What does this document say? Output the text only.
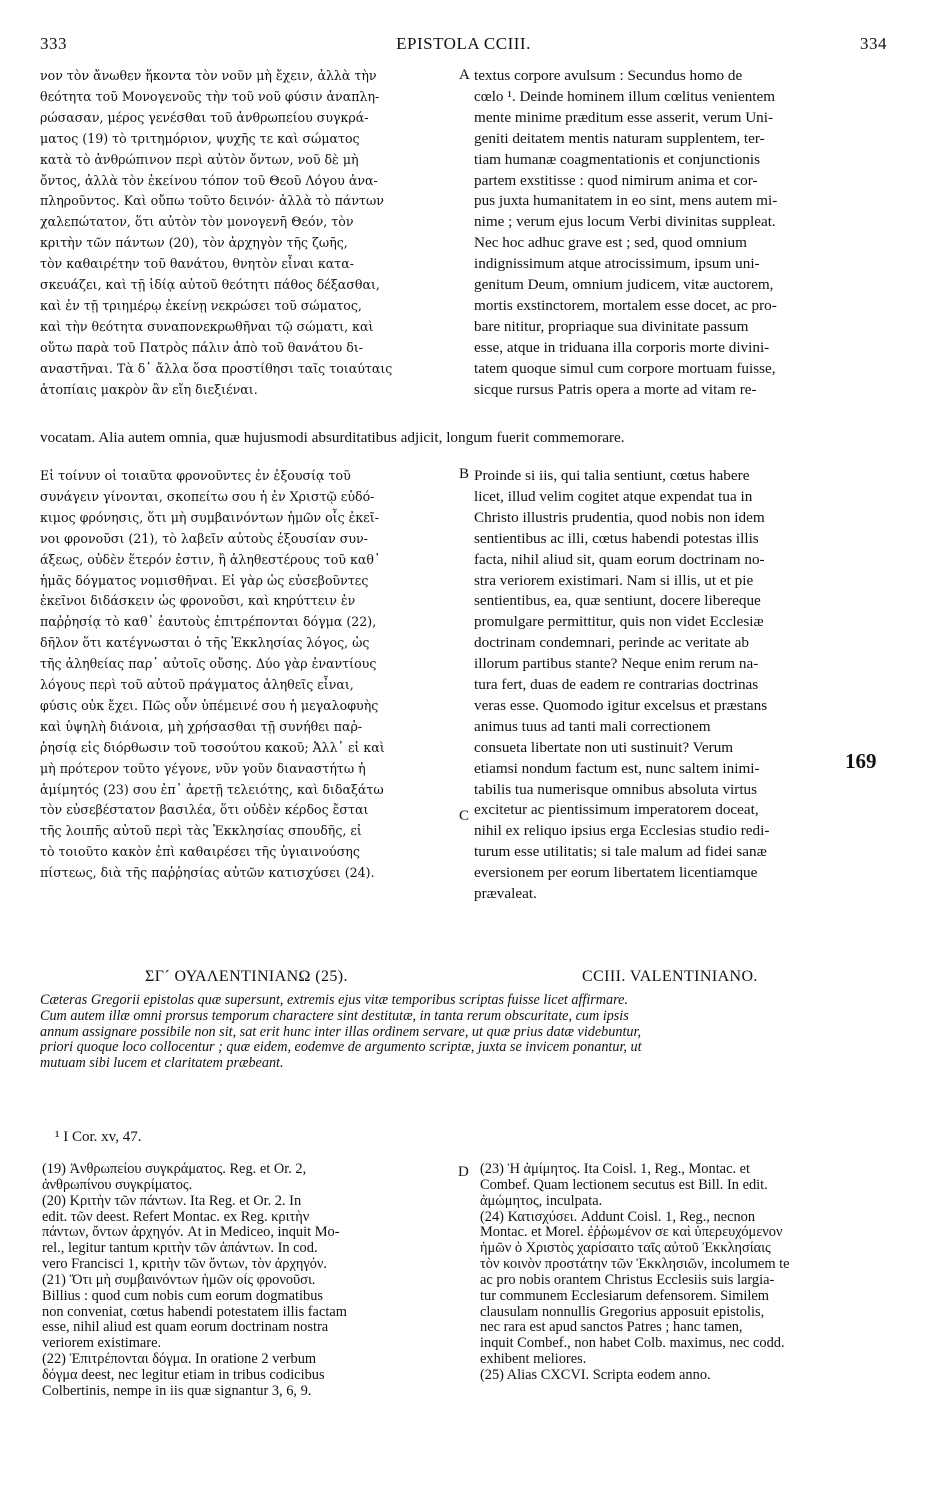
333	EPISTOLA CCIII.	334
νον τὸν ἄνωθεν ἥκοντα τὸν νοῦν μὴ ἔχειν, ἀλλὰ τὴν
θεότητα τοῦ Μονογενοῦς τὴν τοῦ νοῦ φύσιν ἀναπλη-
ρώσασαν, μέρος γενέσθαι τοῦ ἀνθρωπείου συγκρά-
ματος (19) τὸ τριτημόριον, ψυχῆς τε καὶ σώματος
κατὰ τὸ ἀνθρώπινον περὶ αὐτὸν ὄντων, νοῦ δὲ μὴ
ὄντος, ἀλλὰ τὸν ἐκείνου τόπον τοῦ Θεοῦ Λόγου ἀνα-
πληροῦντος. Καὶ οὔπω τοῦτο δεινόν· ἀλλὰ τὸ πάντων
χαλεπώτατον, ὅτι αὐτὸν τὸν μονογενῆ Θεόν, τὸν
κριτὴν τῶν πάντων (20), τὸν ἀρχηγὸν τῆς ζωῆς,
τὸν καθαιρέτην τοῦ θανάτου, θνητὸν εἶναι κατα-
σκευάζει, καὶ τῇ ἰδίᾳ αὐτοῦ θεότητι πάθος δέξασθαι,
καὶ ἐν τῇ τριημέρῳ ἐκείνῃ νεκρώσει τοῦ σώματος,
καὶ τὴν θεότητα συναπονεκρωθῆναι τῷ σώματι, καὶ
οὕτω παρὰ τοῦ Πατρὸς πάλιν ἀπὸ τοῦ θανάτου δι-
αναστῆναι. Τὰ δ᾿ ἄλλα ὅσα προστίθησι ταῖς τοιαύταις
ἀτοπίαις μακρὸν ἂν εἴη διεξιέναι.
textus corpore avulsum : Secundus homo de
cœlo ¹. Deinde hominem illum cœlitus venientem
mente minime præditum esse asserit, verum Uni-
geniti deitatem mentis naturam supplentem, ter-
tiam humanæ coagmentationis et conjunctionis
partem exstitisse : quod nimirum anima et cor-
pus juxta humanitatem in eo sint, mens autem mi-
nime ; verum ejus locum Verbi divinitas suppleat.
Nec hoc adhuc grave est ; sed, quod omnium
indignissimum atque atrocissimum, ipsum uni-
genitum Deum, omnium judicem, vitæ auctorem,
mortis exstinctorem, mortalem esse docet, ac pro-
bare nititur, propriaque sua divinitate passum
esse, atque in triduana illa corporis morte divini-
tatem quoque simul cum corpore mortuam fuisse,
sicque rursus Patris opera a morte ad vitam re-
vocatam. Alia autem omnia, quæ hujusmodi absurditatibus adjicit, longum fuerit commemorare.
Εἰ τοίνυν οἱ τοιαῦτα φρονοῦντες ἐν ἐξουσίᾳ τοῦ
συνάγειν γίνονται, σκοπείτω σου ἡ ἐν Χριστῷ εὐδό-
κιμος φρόνησις, ὅτι μὴ συμβαινόντων ἡμῶν οἷς ἐκεῖ-
νοι φρονοῦσι (21), τὸ λαβεῖν αὐτοὺς ἐξουσίαν συν-
άξεως, οὐδὲν ἕτερόν ἐστιν, ἢ ἀληθεστέρους τοῦ καθ᾿
ἡμᾶς δόγματος νομισθῆναι. Εἰ γὰρ ὡς εὐσεβοῦντες
ἐκεῖνοι διδάσκειν ὡς φρονοῦσι, καὶ κηρύττειν ἐν
παῤῥησίᾳ τὸ καθ᾿ ἑαυτοὺς ἐπιτρέπονται δόγμα (22),
δῆλον ὅτι κατέγνωσται ὁ τῆς Ἐκκλησίας λόγος, ὡς
τῆς ἀληθείας παρ᾿ αὐτοῖς οὔσης. Δύο γὰρ ἐναντίους
λόγους περὶ τοῦ αὐτοῦ πράγματος ἀληθεῖς εἶναι,
φύσις οὐκ ἔχει. Πῶς οὖν ὑπέμεινέ σου ἡ μεγαλοφυὴς
καὶ ὑψηλὴ διάνοια, μὴ χρήσασθαι τῇ συνήθει παῤ-
ῥησίᾳ εἰς διόρθωσιν τοῦ τοσούτου κακοῦ; Ἀλλ᾿ εἰ καὶ
μὴ πρότερον τοῦτο γέγονε, νῦν γοῦν διαναστήτω ἡ
ἀμίμητός (23) σου ἐπ᾿ ἀρετῇ τελειότης, καὶ διδαξάτω
τὸν εὐσεβέστατον βασιλέα, ὅτι οὐδὲν κέρδος ἔσται
τῆς λοιπῆς αὐτοῦ περὶ τὰς Ἐκκλησίας σπουδῆς, εἰ
τὸ τοιοῦτο κακὸν ἐπὶ καθαιρέσει τῆς ὑγιαινούσης
πίστεως, διὰ τῆς παῤῥησίας αὐτῶν κατισχύσει (24).
Proinde si iis, qui talia sentiunt, cœtus habere
licet, illud velim cogitet atque expendat tua in
Christo illustris prudentia, quod nobis non idem
sentientibus ac illi, cœtus habendi potestas illis
facta, nihil aliud sit, quam eorum doctrinam no-
stra veriorem existimari. Nam si illis, ut et pie
sentientibus, ea, quæ sentiunt, docere libereque
promulgare permittitur, quis non videt Ecclesiæ
doctrinam condemnari, perinde ac veritate ab
illorum partibus stante? Neque enim rerum na-
tura fert, duas de eadem re contrarias doctrinas
veras esse. Quomodo igitur excelsus et præstans
animus tuus ad tanti mali correctionem
consueta libertate non uti sustinuit? Verum
etiamsi nondum factum est, nunc saltem inimi-
tabilis tua numerisque omnibus absoluta virtus
excitetur ac pientissimum imperatorem doceat,
nihil ex reliquo ipsius erga Ecclesias studio redi-
turum esse utilitatis; si tale malum ad fidei sanæ
eversionem per eorum libertatem licentiamque
prævaleat.
A
B
C
D
169
ΣΓ´ ΟΥΑΛΕΝΤΙΝΙΑΝΩ (25).	CCIII. VALENTINIANO.
Cæteras Gregorii epistolas quæ supersunt, extremis ejus vitæ temporibus scriptas fuisse licet affirmare.
Cum autem illæ omni prorsus temporum charactere sint destitutæ, in tanta rerum obscuritate, cum ipsis
annum assignare possibile non sit, sat erit hunc inter illas ordinem servare, ut quæ prius datæ videbuntur,
priori quoque loco collocentur ; quæ eidem, eodemve de argumento scriptæ, juxta se invicem ponantur, ut
mutuam sibi lucem et claritatem præbeant.
¹ I Cor. xv, 47.
(19) Ἀνθρωπείου συγκράματος. Reg. et Or. 2,
ἀνθρωπίνου συγκρίματος.
(20) Κριτὴν τῶν πάντων. Ita Reg. et Or. 2. In
edit. τῶν deest. Refert Montac. ex Reg. κριτὴν
πάντων, ὄντων ἀρχηγόν. At in Mediceo, inquit Mo-
rel., legitur tantum κριτὴν τῶν ἁπάντων. In cod.
vero Francisci 1, κριτὴν τῶν ὄντων, τὸν ἀρχηγόν.
(21) Ὅτι μὴ συμβαινόντων ἡμῶν οἷς φρονοῦσι.
Billius : quod cum nobis cum eorum dogmatibus
non conveniat, cœtus habendi potestatem illis factam
esse, nihil aliud est quam eorum doctrinam nostra
veriorem existimare.
(22) Ἐπιτρέπονται δόγμα. In oratione 2 verbum
δόγμα deest, nec legitur etiam in tribus codicibus
Colbertinis, nempe in iis quæ signantur 3, 6, 9.
(23) Ἡ ἀμίμητος. Ita Coisl. 1, Reg., Montac. et
Combef. Quam lectionem secutus est Bill. In edit.
ἀμώμητος, inculpata.
(24) Κατισχύσει. Addunt Coisl. 1, Reg., necnon
Montac. et Morel. ἐῤῥωμένον σε καὶ ὑπερευχόμενον
ἡμῶν ὁ Χριστὸς χαρίσαιτο ταῖς αὐτοῦ Ἐκκλησίαις
τὸν κοινὸν προστάτην τῶν Ἐκκλησιῶν, incolumem te
ac pro nobis orantem Christus Ecclesiis suis largia-
tur communem Ecclesiarum defensorem. Similem
clausulam nonnullis Gregorius apposuit epistolis,
nec rara est apud sanctos Patres ; hanc tamen,
inquit Combef., non habet Colb. maximus, nec codd.
exhibent meliores.
(25) Alias CXCVI. Scripta eodem anno.
